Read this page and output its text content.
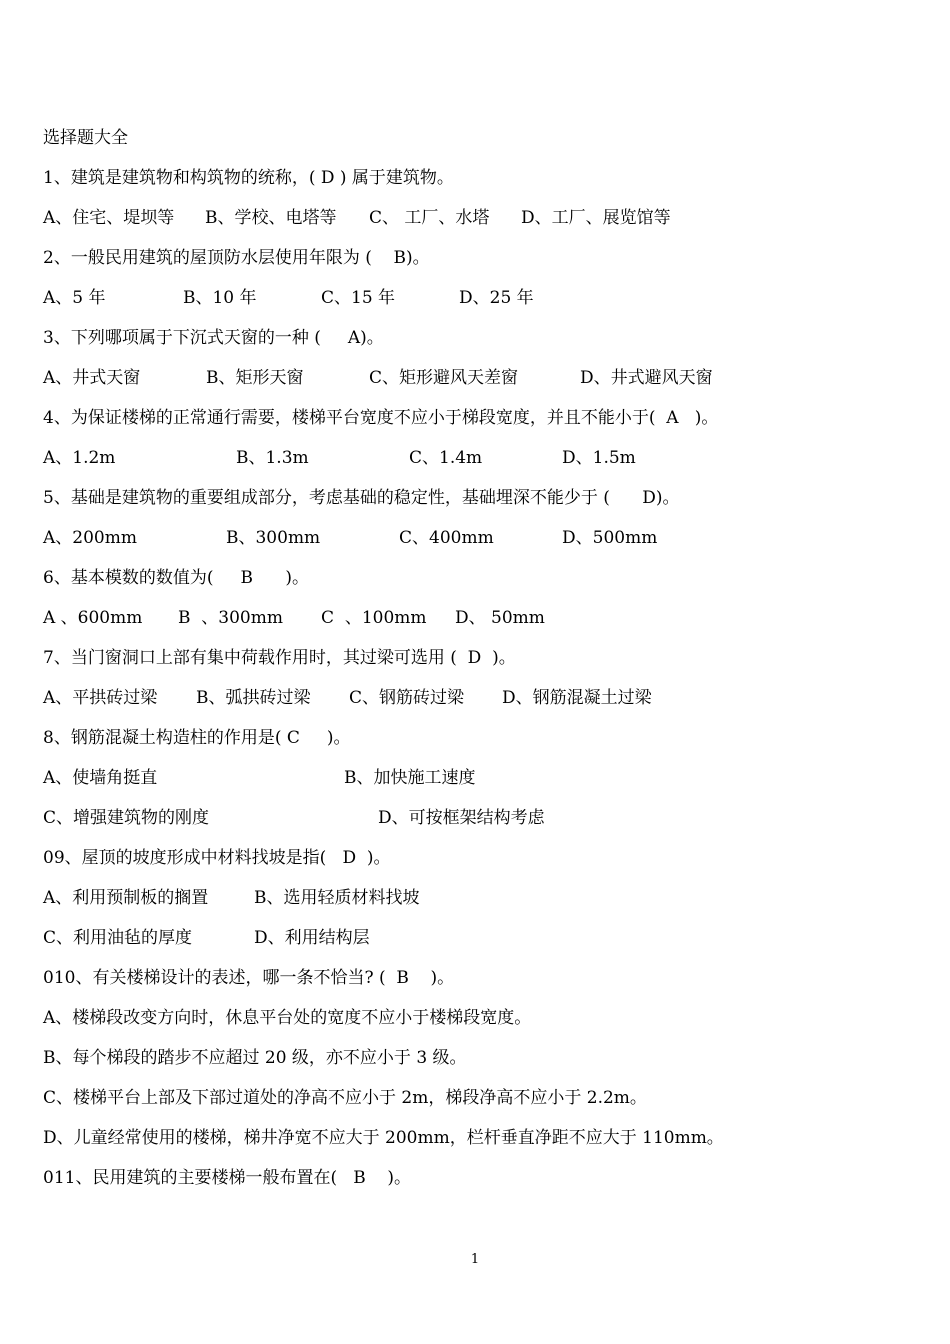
选择题大全
1、建筑是建筑物和构筑物的统称，( D ) 属于建筑物。
A、住宅、堤坝等 B、学校、电塔等 C、 工厂、水塔 D、工厂、展览馆等
2、一般民用建筑的屋顶防水层使用年限为 (    B)。
A、5 年	B、10 年	C、15 年	D、25 年
3、下列哪项属于下沉式天窗的一种 (     A)。
A、井式天窗	B、矩形天窗	C、矩形避风天差窗	D、井式避风天窗
4、为保证楼梯的正常通行需要，楼梯平台宽度不应小于梯段宽度，并且不能小于(  A   )。
A、1.2m	B、1.3m	C、1.4m	D、1.5m
5、基础是建筑物的重要组成部分，考虑基础的稳定性，基础埋深不能少于 (      D)。
A、200mm	B、300mm	C、400mm	D、500mm
6、基本模数的数值为(     B      )。
A 、600mm B  、300mm C  、100mm D、 50mm
7、当门窗洞口上部有集中荷载作用时，其过梁可选用 (  D  )。
A、平拱砖过梁 B、弧拱砖过梁 C、钢筋砖过梁 D、钢筋混凝土过梁
8、钢筋混凝土构造柱的作用是( C     )。
A、使墙角挺直	B、加快施工速度
C、增强建筑物的刚度	D、可按框架结构考虑
09、屋顶的坡度形成中材料找坡是指(   D  )。
A、利用预制板的搁置	B、选用轻质材料找坡
C、利用油毡的厚度	D、利用结构层
010、有关楼梯设计的表述，哪一条不恰当? (  B    )。
A、楼梯段改变方向时，休息平台处的宽度不应小于楼梯段宽度。
B、每个梯段的踏步不应超过 20 级，亦不应小于 3 级。
C、楼梯平台上部及下部过道处的净高不应小于 2m，梯段净高不应小于 2.2m。
D、儿童经常使用的楼梯，梯井净宽不应大于 200mm，栏杆垂直净距不应大于 110mm。
011、民用建筑的主要楼梯一般布置在(   B    )。
1
